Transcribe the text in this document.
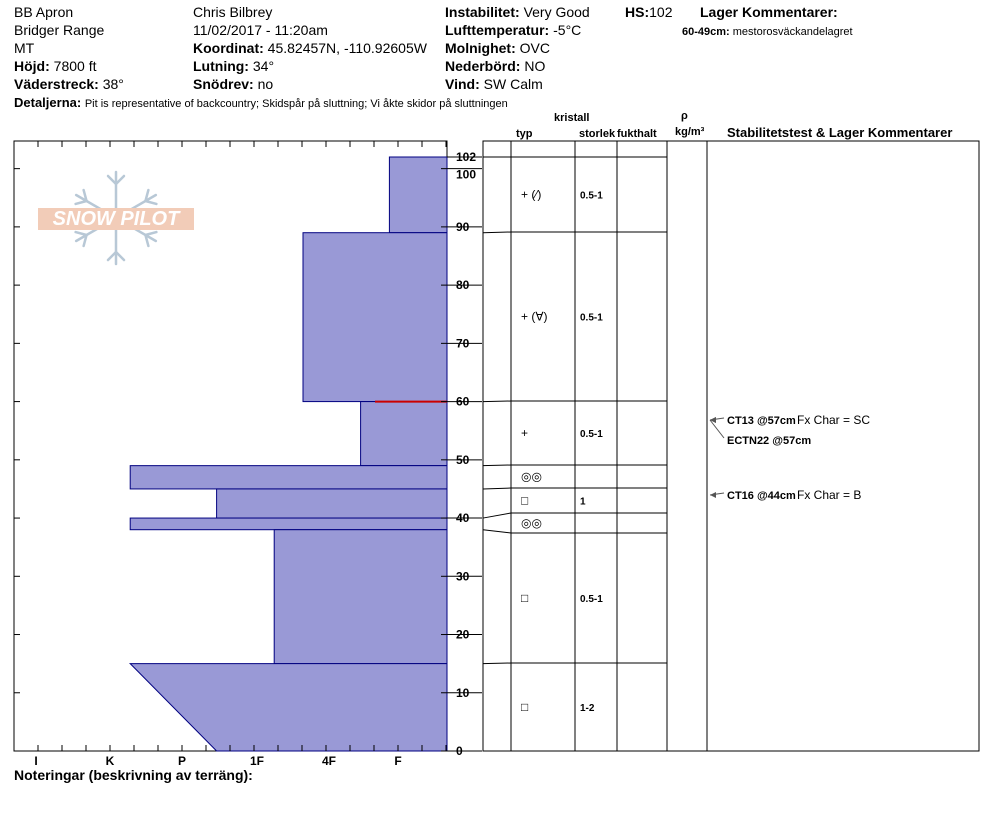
BB Apron
Bridger Range
MT
Höjd: 7800 ft
Väderstreck: 38°
Detaljerna: Pit is representative of backcountry; Skidspår på sluttning; Vi åkte skidor på sluttningen
Chris Bilbrey
11/02/2017 - 11:20am
Koordinat: 45.82457N, -110.92605W
Lutning: 34°
Snödrev: no
Instabilitet: Very Good
Lufttemperatur: -5°C
Molnighet: OVC
Nederbörd: NO
Vind: SW Calm
HS:102 Lager Kommentarer:
60-49cm: mestorosväckandelagret
kristall
typ	storlek fukthalt
ρ
kg/m³ Stabilitetstest & Lager Kommentarer
SNOW PILOT
I	K	P	1F	4F	F
0
10
20
30
40
50
60
70
80
90
100
102
+ (⁄)	0.5-1
+ (∀)	0.5-1
+	0.5-1
◎◎
□	1
◎◎
□	0.5-1
□	1-2
CT13 @57cm Fx Char = SC
ECTN22 @57cm
CT16 @44cm Fx Char = B
Noteringar (beskrivning av terräng):
